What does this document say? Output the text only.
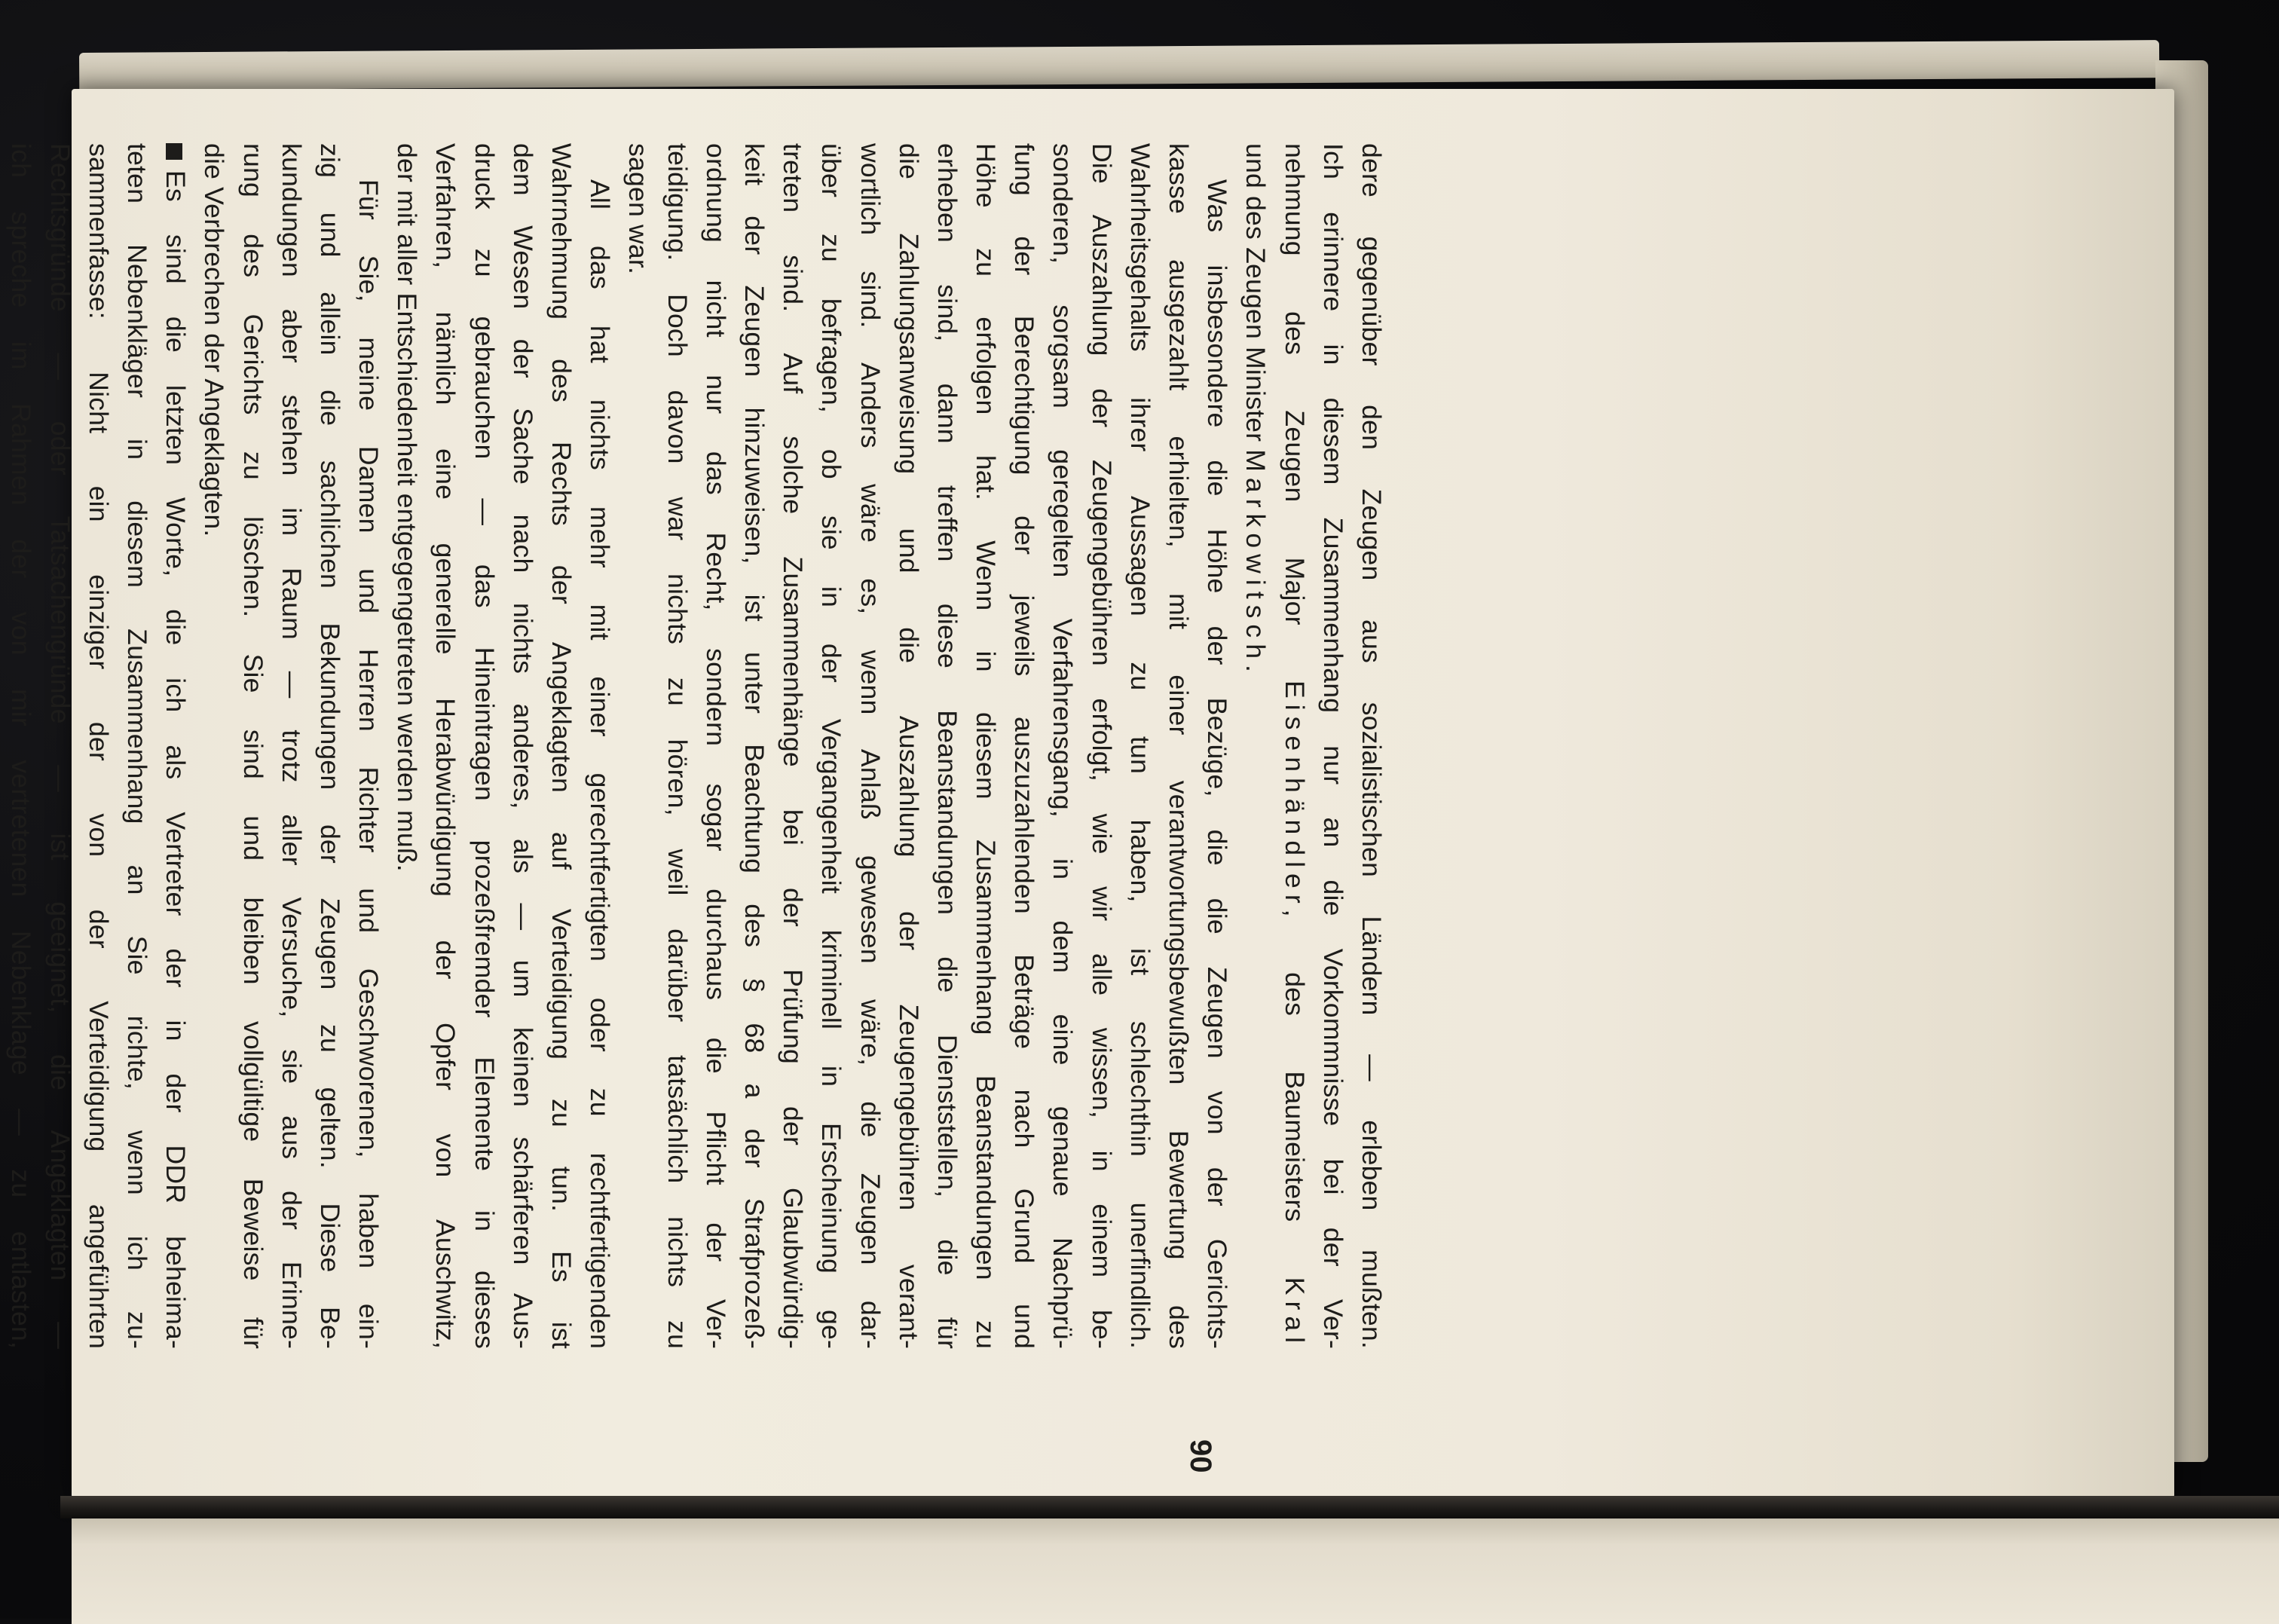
dere gegenüber den Zeugen aus sozialistischen Ländern — erleben mußten.
Ich erinnere in diesem Zusammenhang nur an die Vorkommnisse bei der Ver-
nehmung des Zeugen Major Eisenhändler, des Baumeisters Kral
und des Zeugen Minister Markowitsch.
Was insbesondere die Höhe der Bezüge, die die Zeugen von der Gerichts-
kasse ausgezahlt erhielten, mit einer verantwortungsbewußten Bewertung des
Wahrheitsgehalts ihrer Aussagen zu tun haben, ist schlechthin unerfindlich.
Die Auszahlung der Zeugengebühren erfolgt, wie wir alle wissen, in einem be-
sonderen, sorgsam geregelten Verfahrensgang, in dem eine genaue Nachprü-
fung der Berechtigung der jeweils auszuzahlenden Beträge nach Grund und
Höhe zu erfolgen hat. Wenn in diesem Zusammenhang Beanstandungen zu
erheben sind, dann treffen diese Beanstandungen die Dienststellen, die für
die Zahlungsanweisung und die Auszahlung der Zeugengebühren verant-
wortlich sind. Anders wäre es, wenn Anlaß gewesen wäre, die Zeugen dar-
über zu befragen, ob sie in der Vergangenheit kriminell in Erscheinung ge-
treten sind. Auf solche Zusammenhänge bei der Prüfung der Glaubwürdig-
keit der Zeugen hinzuweisen, ist unter Beachtung des § 68 a der Strafprozeß-
ordnung nicht nur das Recht, sondern sogar durchaus die Pflicht der Ver-
teidigung. Doch davon war nichts zu hören, weil darüber tatsächlich nichts zu
sagen war.
All das hat nichts mehr mit einer gerechtfertigten oder zu rechtfertigenden
Wahrnehmung des Rechts der Angeklagten auf Verteidigung zu tun. Es ist
dem Wesen der Sache nach nichts anderes, als — um keinen schärferen Aus-
druck zu gebrauchen — das Hineintragen prozeßfremder Elemente in dieses
Verfahren, nämlich eine generelle Herabwürdigung der Opfer von Auschwitz,
der mit aller Entschiedenheit entgegengetreten werden muß.
Für Sie, meine Damen und Herren Richter und Geschworenen, haben ein-
zig und allein die sachlichen Bekundungen der Zeugen zu gelten. Diese Be-
kundungen aber stehen im Raum — trotz aller Versuche, sie aus der Erinne-
rung des Gerichts zu löschen. Sie sind und bleiben vollgültige Beweise für
die Verbrechen der Angeklagten.
Es sind die letzten Worte, die ich als Vertreter der in der DDR beheima-
teten Nebenkläger in diesem Zusammenhang an Sie richte, wenn ich zu-
sammenfasse: Nicht ein einziger der von der Verteidigung angeführten
Rechtsgründe — oder Tatsachengründe — ist geeignet, die Angeklagten —
ich spreche im Rahmen der von mir vertretenen Nebenklage — zu entlasten,
90
